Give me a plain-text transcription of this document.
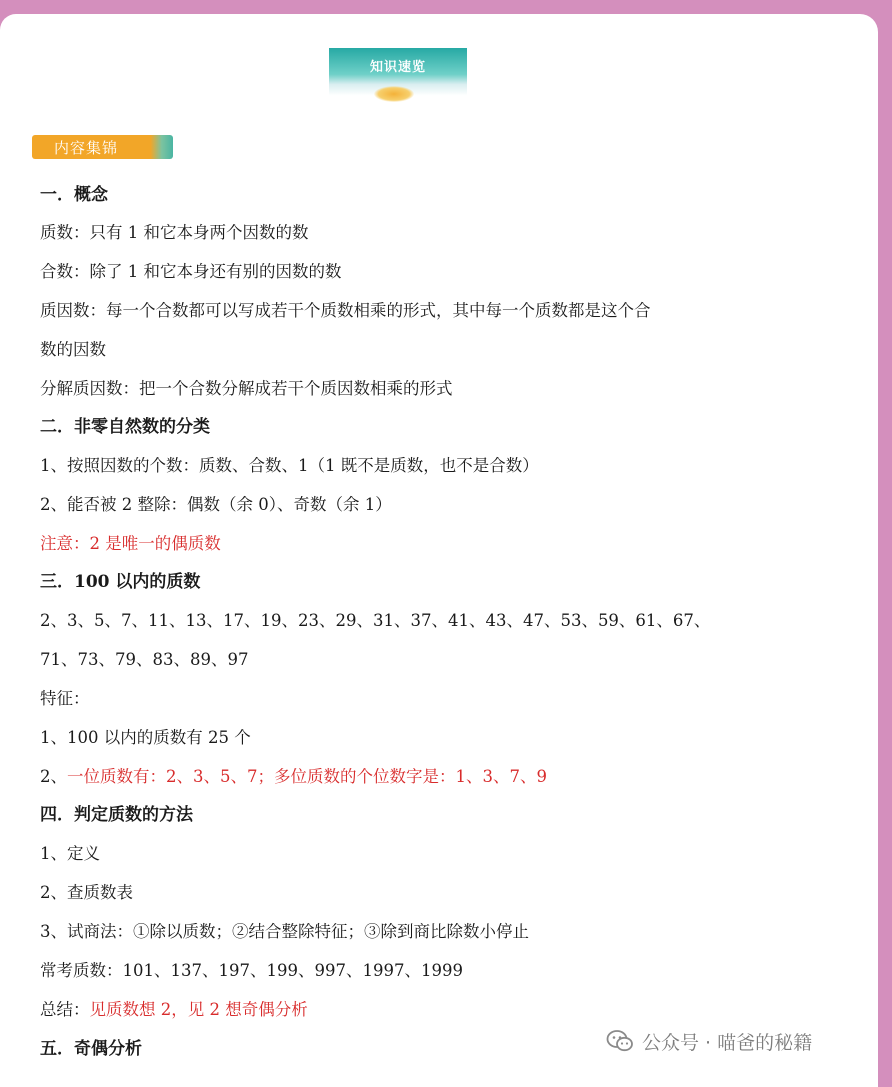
知识速览
内容集锦
一．概念
质数：只有 1 和它本身两个因数的数
合数：除了 1 和它本身还有别的因数的数
质因数：每一个合数都可以写成若干个质数相乘的形式，其中每一个质数都是这个合
数的因数
分解质因数：把一个合数分解成若干个质因数相乘的形式
二．非零自然数的分类
1、按照因数的个数：质数、合数、1（1 既不是质数，也不是合数）
2、能否被 2 整除：偶数（余 0）、奇数（余 1）
注意：2 是唯一的偶质数
三．100 以内的质数
2、3、5、7、11、13、17、19、23、29、31、37、41、43、47、53、59、61、67、
71、73、79、83、89、97
特征：
1、100 以内的质数有 25 个
2、一位质数有：2、3、5、7；多位质数的个位数字是：1、3、7、9
四．判定质数的方法
1、定义
2、查质数表
3、试商法：①除以质数；②结合整除特征；③除到商比除数小停止
常考质数：101、137、197、199、997、1997、1999
总结：见质数想 2，见 2 想奇偶分析
五．奇偶分析	公众号 · 喵爸的秘籍
